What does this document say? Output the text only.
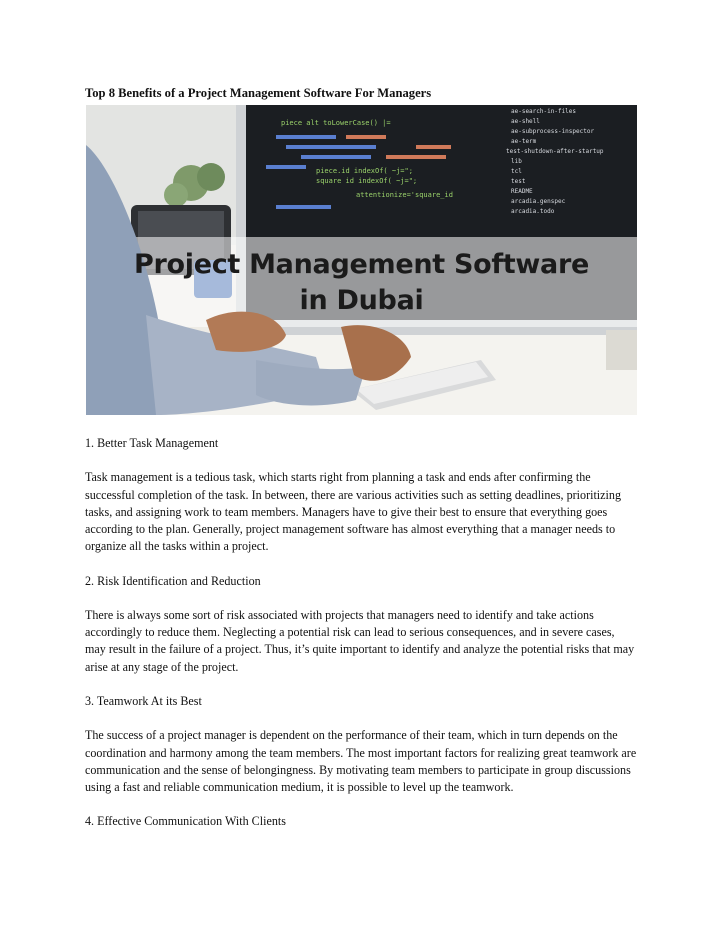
Top 8 Benefits of a Project Management Software For Managers
piece alt toLowerCase() |=
piece.id indexOf( ~j=";
square id indexOf( ~j=";
attentionize='square_id
ae-search-in-files
ae-shell
ae-subprocess-inspector
ae-term
test-shutdown-after-startup
lib
tcl
test
README
arcadia.genspec
arcadia.todo
Project Management Software
in Dubai

1. Better Task Management

Task management is a tedious task, which starts right from planning a task and ends after confirming the successful completion of the task. In between, there are various activities such as setting deadlines, prioritizing tasks, and assigning work to team members. Managers have to give their best to ensure that everything goes according to the plan. Generally, project management software has almost everything that a manager needs to organize all the tasks within a project.

2. Risk Identification and Reduction

There is always some sort of risk associated with projects that managers need to identify and take actions accordingly to reduce them. Neglecting a potential risk can lead to serious consequences, and in severe cases, may result in the failure of a project. Thus, it’s quite important to identify and analyze the potential risks that may arise at any stage of the project.

3. Teamwork At its Best

The success of a project manager is dependent on the performance of their team, which in turn depends on the coordination and harmony among the team members. The most important factors for realizing great teamwork are communication and the sense of belongingness. By motivating team members to participate in group discussions using a fast and reliable communication medium, it is possible to level up the teamwork.

4. Effective Communication With Clients
